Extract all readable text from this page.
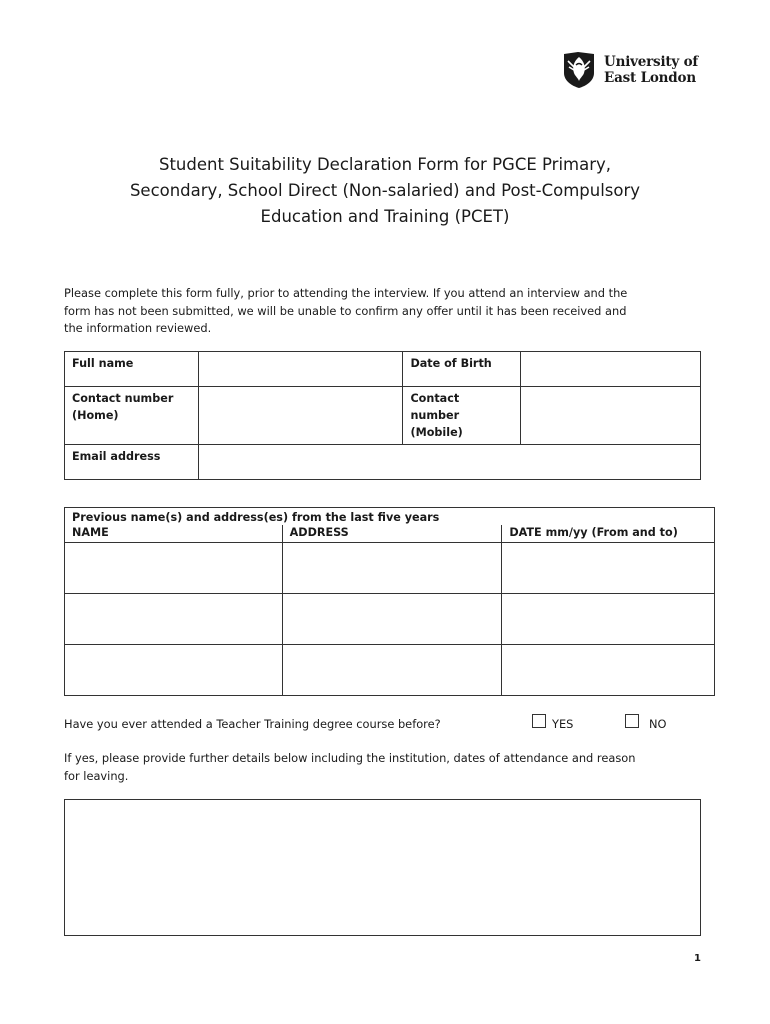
University of
East London
Student Suitability Declaration Form for PGCE Primary,
Secondary, School Direct (Non-salaried) and Post-Compulsory
Education and Training (PCET)
Please complete this form fully, prior to attending the interview. If you attend an interview and the
form has not been submitted, we will be unable to confirm any offer until it has been received and
the information reviewed.
Full name		Date of Birth	

Contact number
(Home)		Contact
number
(Mobile)	

Email address			

Previous name(s) and address(es) from the last five years		
NAME	ADDRESS	DATE mm/yy (From and to)

Have you ever attended a Teacher Training degree course before?	YES	NO
If yes, please provide further details below including the institution, dates of attendance and reason
for leaving.
1
